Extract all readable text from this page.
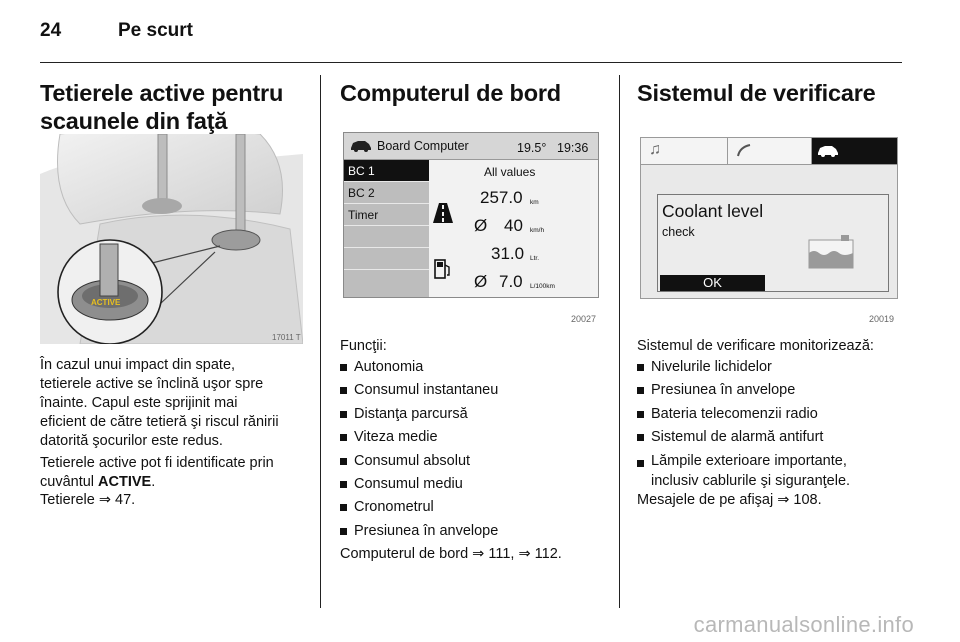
24	Pe scurt
Tetierele active pentru
scaunele din faţă
ACTIVE
17011 T
În cazul unui impact din spate,
tetierele active se înclină uşor spre
înainte. Capul este sprijinit mai
eficient de către tetieră şi riscul rănirii
datorită şocurilor este redus.
Tetierele active pot fi identificate prin
cuvântul ACTIVE.
Tetierele ⇒ 47.
Computerul de bord
Board Computer	19.5° 19:36
BC 1
BC 2
Timer
All values
257.0 km
Ø 40 km/h
31.0 Ltr.
Ø 7.0 L/100km
20027
Funcţii:
Autonomia
Consumul instantaneu
Distanţa parcursă
Viteza medie
Consumul absolut
Consumul mediu
Cronometrul
Presiunea în anvelope
Computerul de bord ⇒ 111, ⇒ 112.
Sistemul de verificare
♫
Coolant level
check
OK
20019
Sistemul de verificare monitorizează:
Nivelurile lichidelor
Presiunea în anvelope
Bateria telecomenzii radio
Sistemul de alarmă antifurt
Lămpile exterioare importante,
inclusiv cablurile şi siguranţele.
Mesajele de pe afişaj ⇒ 108.
carmanualsonline.info
